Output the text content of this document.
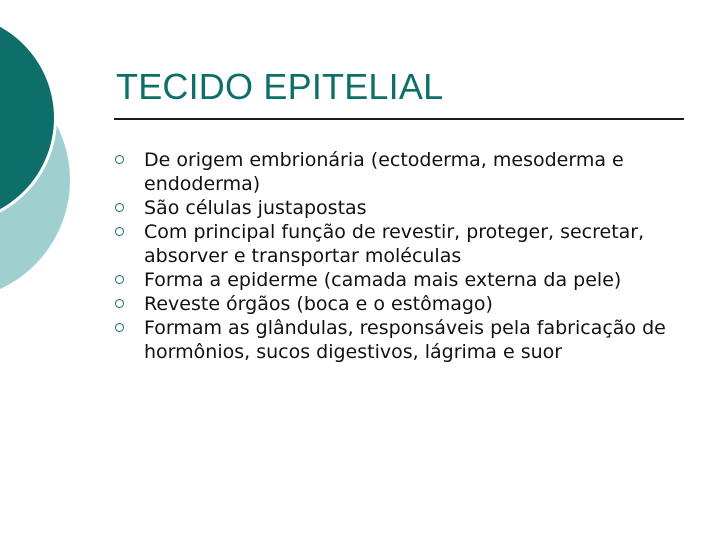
TECIDO EPITELIAL
De origem embrionária (ectoderma, mesoderma e endoderma)
São células justapostas
Com principal função de revestir, proteger, secretar, absorver e transportar moléculas
Forma a epiderme (camada mais externa da pele)
Reveste órgãos (boca e o estômago)
Formam as glândulas, responsáveis pela fabricação de hormônios, sucos digestivos, lágrima e suor
